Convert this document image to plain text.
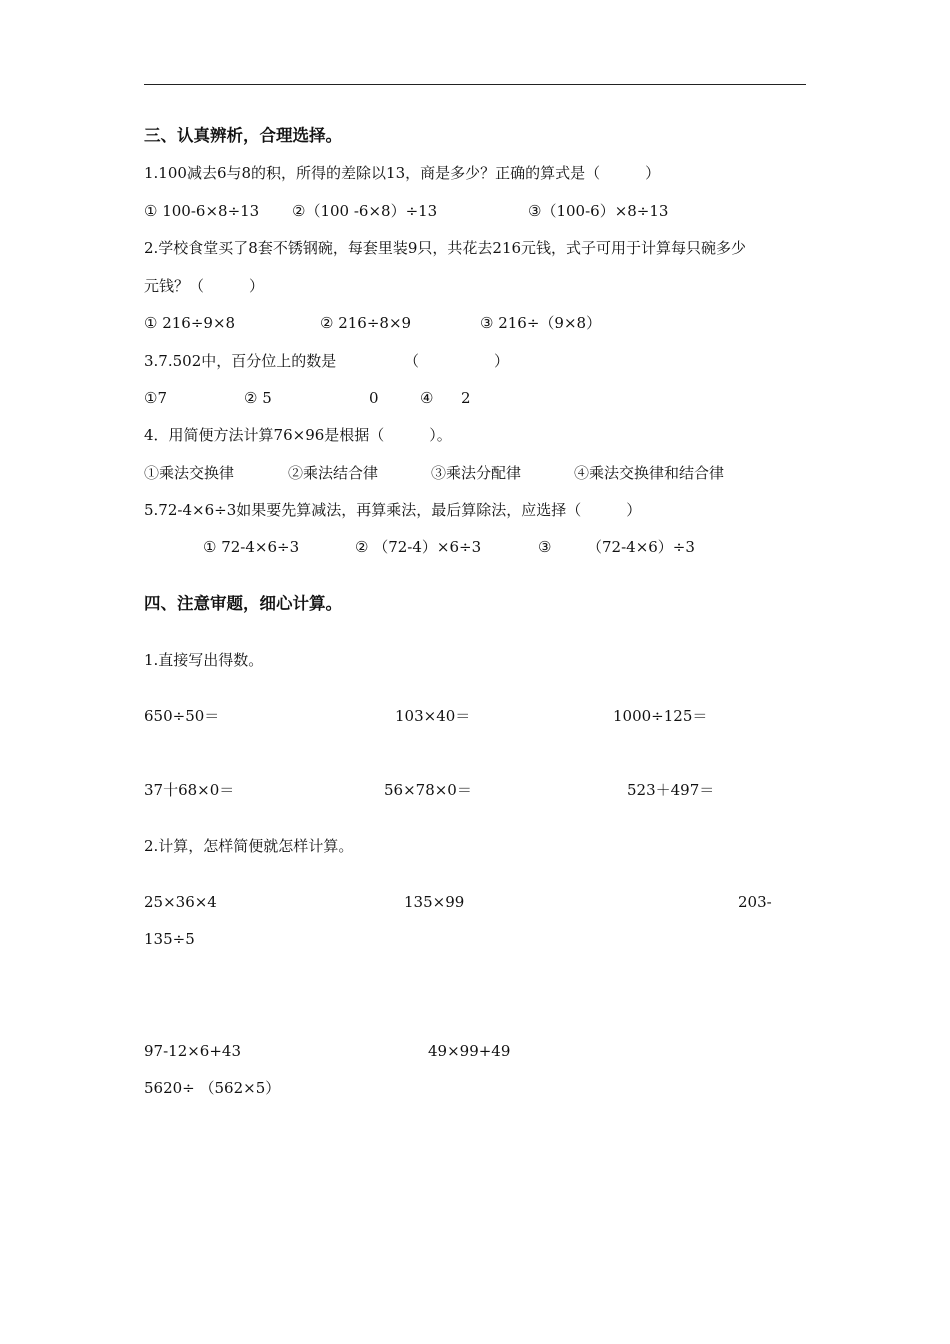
三、认真辨析，合理选择。
1.100减去6与8的积，所得的差除以13，商是多少？正确的算式是（　　　）
① 100-6×8÷13 ②（100 -6×8）÷13	③（100-6）×8÷13
2.学校食堂买了8套不锈钢碗，每套里装9只，共花去216元钱，式子可用于计算每只碗多少
元钱？（　　　）
① 216÷9×8	② 216÷8×9	③ 216÷（9×8）
3.7.502中，百分位上的数是	（　　　　　）
①7	② 5	0	④ 2
4．用简便方法计算76×96是根据（　　　）。
①乘法交换律	②乘法结合律	③乘法分配律	④乘法交换律和结合律
5.72-4×6÷3如果要先算减法，再算乘法，最后算除法，应选择（　　　）
① 72-4×6÷3	② （72-4）×6÷3	③ （72-4×6）÷3
四、注意审题，细心计算。
1.直接写出得数。
650÷50＝	103×40＝	1000÷125＝
37十68×0＝	56×78×0＝	523＋497＝
2.计算，怎样简便就怎样计算。
25×36×4	135×99	203-
135÷5
97-12×6+43	49×99+49
5620÷ （562×5）
